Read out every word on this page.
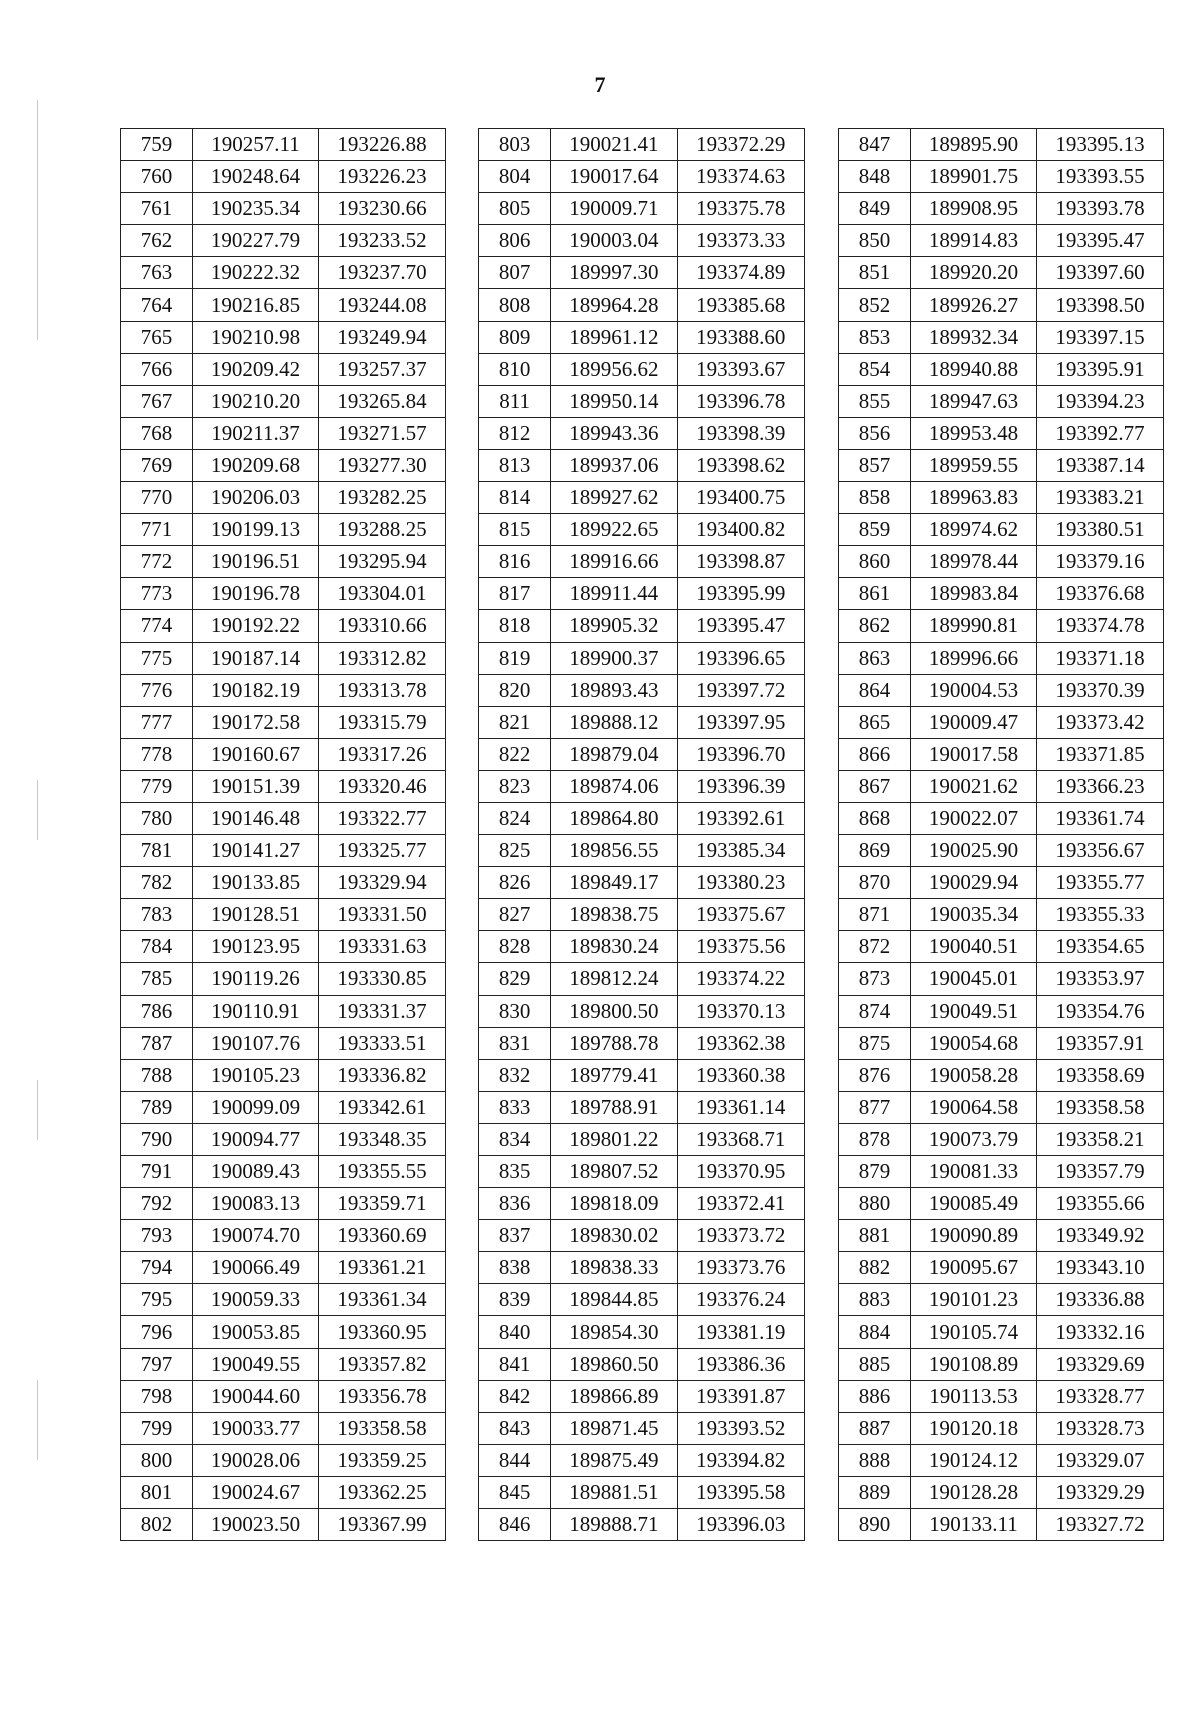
7
759	190257.11	193226.88
760	190248.64	193226.23
761	190235.34	193230.66
762	190227.79	193233.52
763	190222.32	193237.70
764	190216.85	193244.08
765	190210.98	193249.94
766	190209.42	193257.37
767	190210.20	193265.84
768	190211.37	193271.57
769	190209.68	193277.30
770	190206.03	193282.25
771	190199.13	193288.25
772	190196.51	193295.94
773	190196.78	193304.01
774	190192.22	193310.66
775	190187.14	193312.82
776	190182.19	193313.78
777	190172.58	193315.79
778	190160.67	193317.26
779	190151.39	193320.46
780	190146.48	193322.77
781	190141.27	193325.77
782	190133.85	193329.94
783	190128.51	193331.50
784	190123.95	193331.63
785	190119.26	193330.85
786	190110.91	193331.37
787	190107.76	193333.51
788	190105.23	193336.82
789	190099.09	193342.61
790	190094.77	193348.35
791	190089.43	193355.55
792	190083.13	193359.71
793	190074.70	193360.69
794	190066.49	193361.21
795	190059.33	193361.34
796	190053.85	193360.95
797	190049.55	193357.82
798	190044.60	193356.78
799	190033.77	193358.58
800	190028.06	193359.25
801	190024.67	193362.25
802	190023.50	193367.99
803	190021.41	193372.29
804	190017.64	193374.63
805	190009.71	193375.78
806	190003.04	193373.33
807	189997.30	193374.89
808	189964.28	193385.68
809	189961.12	193388.60
810	189956.62	193393.67
811	189950.14	193396.78
812	189943.36	193398.39
813	189937.06	193398.62
814	189927.62	193400.75
815	189922.65	193400.82
816	189916.66	193398.87
817	189911.44	193395.99
818	189905.32	193395.47
819	189900.37	193396.65
820	189893.43	193397.72
821	189888.12	193397.95
822	189879.04	193396.70
823	189874.06	193396.39
824	189864.80	193392.61
825	189856.55	193385.34
826	189849.17	193380.23
827	189838.75	193375.67
828	189830.24	193375.56
829	189812.24	193374.22
830	189800.50	193370.13
831	189788.78	193362.38
832	189779.41	193360.38
833	189788.91	193361.14
834	189801.22	193368.71
835	189807.52	193370.95
836	189818.09	193372.41
837	189830.02	193373.72
838	189838.33	193373.76
839	189844.85	193376.24
840	189854.30	193381.19
841	189860.50	193386.36
842	189866.89	193391.87
843	189871.45	193393.52
844	189875.49	193394.82
845	189881.51	193395.58
846	189888.71	193396.03
847	189895.90	193395.13
848	189901.75	193393.55
849	189908.95	193393.78
850	189914.83	193395.47
851	189920.20	193397.60
852	189926.27	193398.50
853	189932.34	193397.15
854	189940.88	193395.91
855	189947.63	193394.23
856	189953.48	193392.77
857	189959.55	193387.14
858	189963.83	193383.21
859	189974.62	193380.51
860	189978.44	193379.16
861	189983.84	193376.68
862	189990.81	193374.78
863	189996.66	193371.18
864	190004.53	193370.39
865	190009.47	193373.42
866	190017.58	193371.85
867	190021.62	193366.23
868	190022.07	193361.74
869	190025.90	193356.67
870	190029.94	193355.77
871	190035.34	193355.33
872	190040.51	193354.65
873	190045.01	193353.97
874	190049.51	193354.76
875	190054.68	193357.91
876	190058.28	193358.69
877	190064.58	193358.58
878	190073.79	193358.21
879	190081.33	193357.79
880	190085.49	193355.66
881	190090.89	193349.92
882	190095.67	193343.10
883	190101.23	193336.88
884	190105.74	193332.16
885	190108.89	193329.69
886	190113.53	193328.77
887	190120.18	193328.73
888	190124.12	193329.07
889	190128.28	193329.29
890	190133.11	193327.72
